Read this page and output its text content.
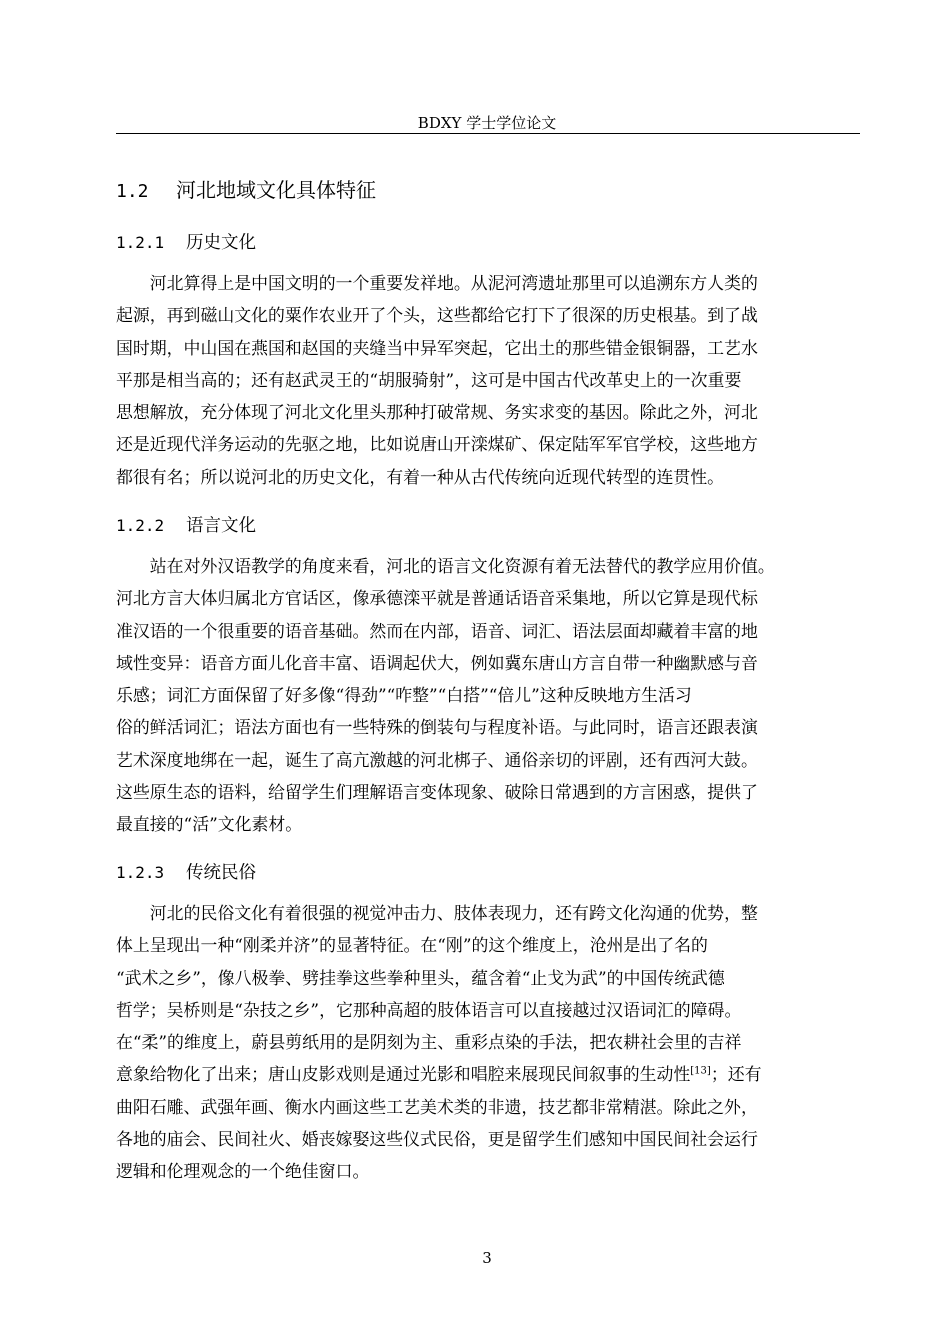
BDXY 学士学位论文
1.2 河北地域文化具体特征
1.2.1 历史文化
河北算得上是中国文明的一个重要发祥地。从泥河湾遗址那里可以追溯东方人类的
起源，再到磁山文化的粟作农业开了个头，这些都给它打下了很深的历史根基。到了战
国时期，中山国在燕国和赵国的夹缝当中异军突起，它出土的那些错金银铜器，工艺水
平那是相当高的；还有赵武灵王的“胡服骑射”，这可是中国古代改革史上的一次重要
思想解放，充分体现了河北文化里头那种打破常规、务实求变的基因。除此之外，河北
还是近现代洋务运动的先驱之地，比如说唐山开滦煤矿、保定陆军军官学校，这些地方
都很有名；所以说河北的历史文化，有着一种从古代传统向近现代转型的连贯性。
1.2.2 语言文化
站在对外汉语教学的角度来看，河北的语言文化资源有着无法替代的教学应用价值。
河北方言大体归属北方官话区，像承德滦平就是普通话语音采集地，所以它算是现代标
准汉语的一个很重要的语音基础。然而在内部，语音、词汇、语法层面却藏着丰富的地
域性变异：语音方面儿化音丰富、语调起伏大，例如冀东唐山方言自带一种幽默感与音
乐感；词汇方面保留了好多像“得劲”“咋整”“白搭”“倍儿”这种反映地方生活习
俗的鲜活词汇；语法方面也有一些特殊的倒装句与程度补语。与此同时，语言还跟表演
艺术深度地绑在一起，诞生了高亢激越的河北梆子、通俗亲切的评剧，还有西河大鼓。
这些原生态的语料，给留学生们理解语言变体现象、破除日常遇到的方言困惑，提供了
最直接的“活”文化素材。
1.2.3 传统民俗
河北的民俗文化有着很强的视觉冲击力、肢体表现力，还有跨文化沟通的优势，整
体上呈现出一种“刚柔并济”的显著特征。在“刚”的这个维度上，沧州是出了名的
“武术之乡”，像八极拳、劈挂拳这些拳种里头，蕴含着“止戈为武”的中国传统武德
哲学；吴桥则是“杂技之乡”，它那种高超的肢体语言可以直接越过汉语词汇的障碍。
在“柔”的维度上，蔚县剪纸用的是阴刻为主、重彩点染的手法，把农耕社会里的吉祥
意象给物化了出来；唐山皮影戏则是通过光影和唱腔来展现民间叙事的生动性[13]；还有
曲阳石雕、武强年画、衡水内画这些工艺美术类的非遗，技艺都非常精湛。除此之外，
各地的庙会、民间社火、婚丧嫁娶这些仪式民俗，更是留学生们感知中国民间社会运行
逻辑和伦理观念的一个绝佳窗口。
3
